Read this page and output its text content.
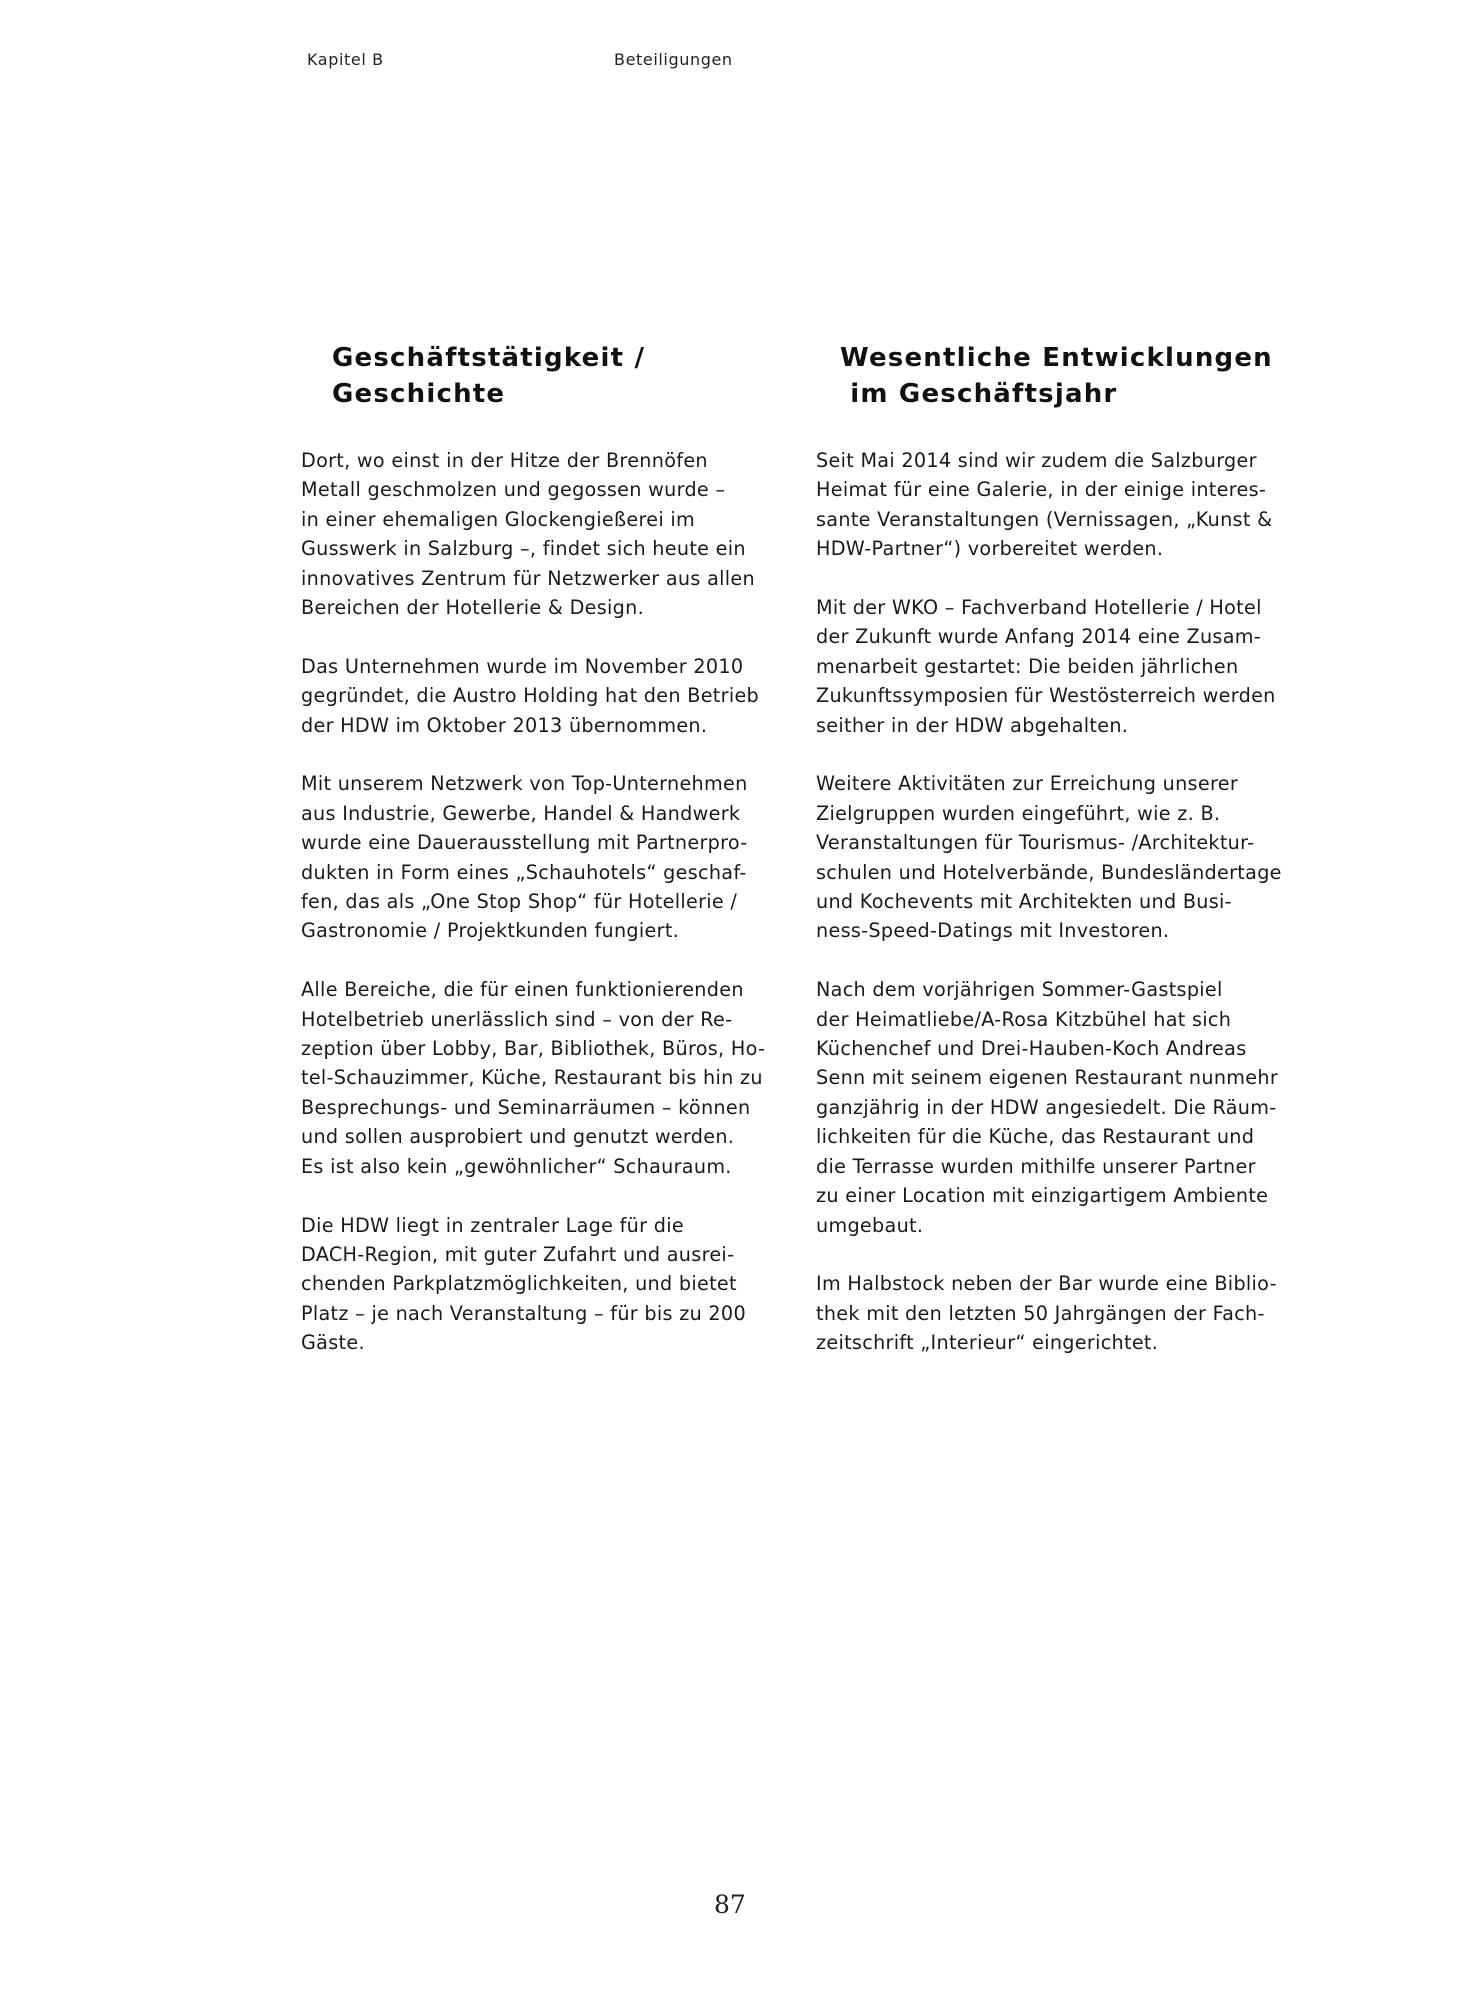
Kapitel B	Beteiligungen
Geschäftstätigkeit /
Geschichte
Wesentliche Entwicklungen
im Geschäftsjahr

Dort, wo einst in der Hitze der Brennöfen
Metall geschmolzen und gegossen wurde –
in einer ehemaligen Glockengießerei im
Gusswerk in Salzburg –, findet sich heute ein
innovatives Zentrum für Netzwerker aus allen
Bereichen der Hotellerie & Design.

Das Unternehmen wurde im November 2010
gegründet, die Austro Holding hat den Betrieb
der HDW im Oktober 2013 übernommen.

Mit unserem Netzwerk von Top-Unternehmen
aus Industrie, Gewerbe, Handel & Handwerk
wurde eine Dauerausstellung mit Partnerpro-
dukten in Form eines „Schauhotels“ geschaf-
fen, das als „One Stop Shop“ für Hotellerie /
Gastronomie / Projektkunden fungiert.

Alle Bereiche, die für einen funktionierenden
Hotelbetrieb unerlässlich sind – von der Re-
zeption über Lobby, Bar, Bibliothek, Büros, Ho-
tel-Schauzimmer, Küche, Restaurant bis hin zu
Besprechungs- und Seminarräumen – können
und sollen ausprobiert und genutzt werden.
Es ist also kein „gewöhnlicher“ Schauraum.

Die HDW liegt in zentraler Lage für die
DACH-Region, mit guter Zufahrt und ausrei-
chenden Parkplatzmöglichkeiten, und bietet
Platz – je nach Veranstaltung – für bis zu 200
Gäste.

Seit Mai 2014 sind wir zudem die Salzburger
Heimat für eine Galerie, in der einige interes-
sante Veranstaltungen (Vernissagen, „Kunst &
HDW-Partner“) vorbereitet werden.

Mit der WKO – Fachverband Hotellerie / Hotel
der Zukunft wurde Anfang 2014 eine Zusam-
menarbeit gestartet: Die beiden jährlichen
Zukunftssymposien für Westösterreich werden
seither in der HDW abgehalten.

Weitere Aktivitäten zur Erreichung unserer
Zielgruppen wurden eingeführt, wie z. B.
Veranstaltungen für Tourismus- /Architektur-
schulen und Hotelverbände, Bundesländertage
und Kochevents mit Architekten und Busi-
ness-Speed-Datings mit Investoren.

Nach dem vorjährigen Sommer-Gastspiel
der Heimatliebe/A-Rosa Kitzbühel hat sich
Küchenchef und Drei-Hauben-Koch Andreas
Senn mit seinem eigenen Restaurant nunmehr
ganzjährig in der HDW angesiedelt. Die Räum-
lichkeiten für die Küche, das Restaurant und
die Terrasse wurden mithilfe unserer Partner
zu einer Location mit einzigartigem Ambiente
umgebaut.

Im Halbstock neben der Bar wurde eine Biblio-
thek mit den letzten 50 Jahrgängen der Fach-
zeitschrift „Interieur“ eingerichtet.

87
